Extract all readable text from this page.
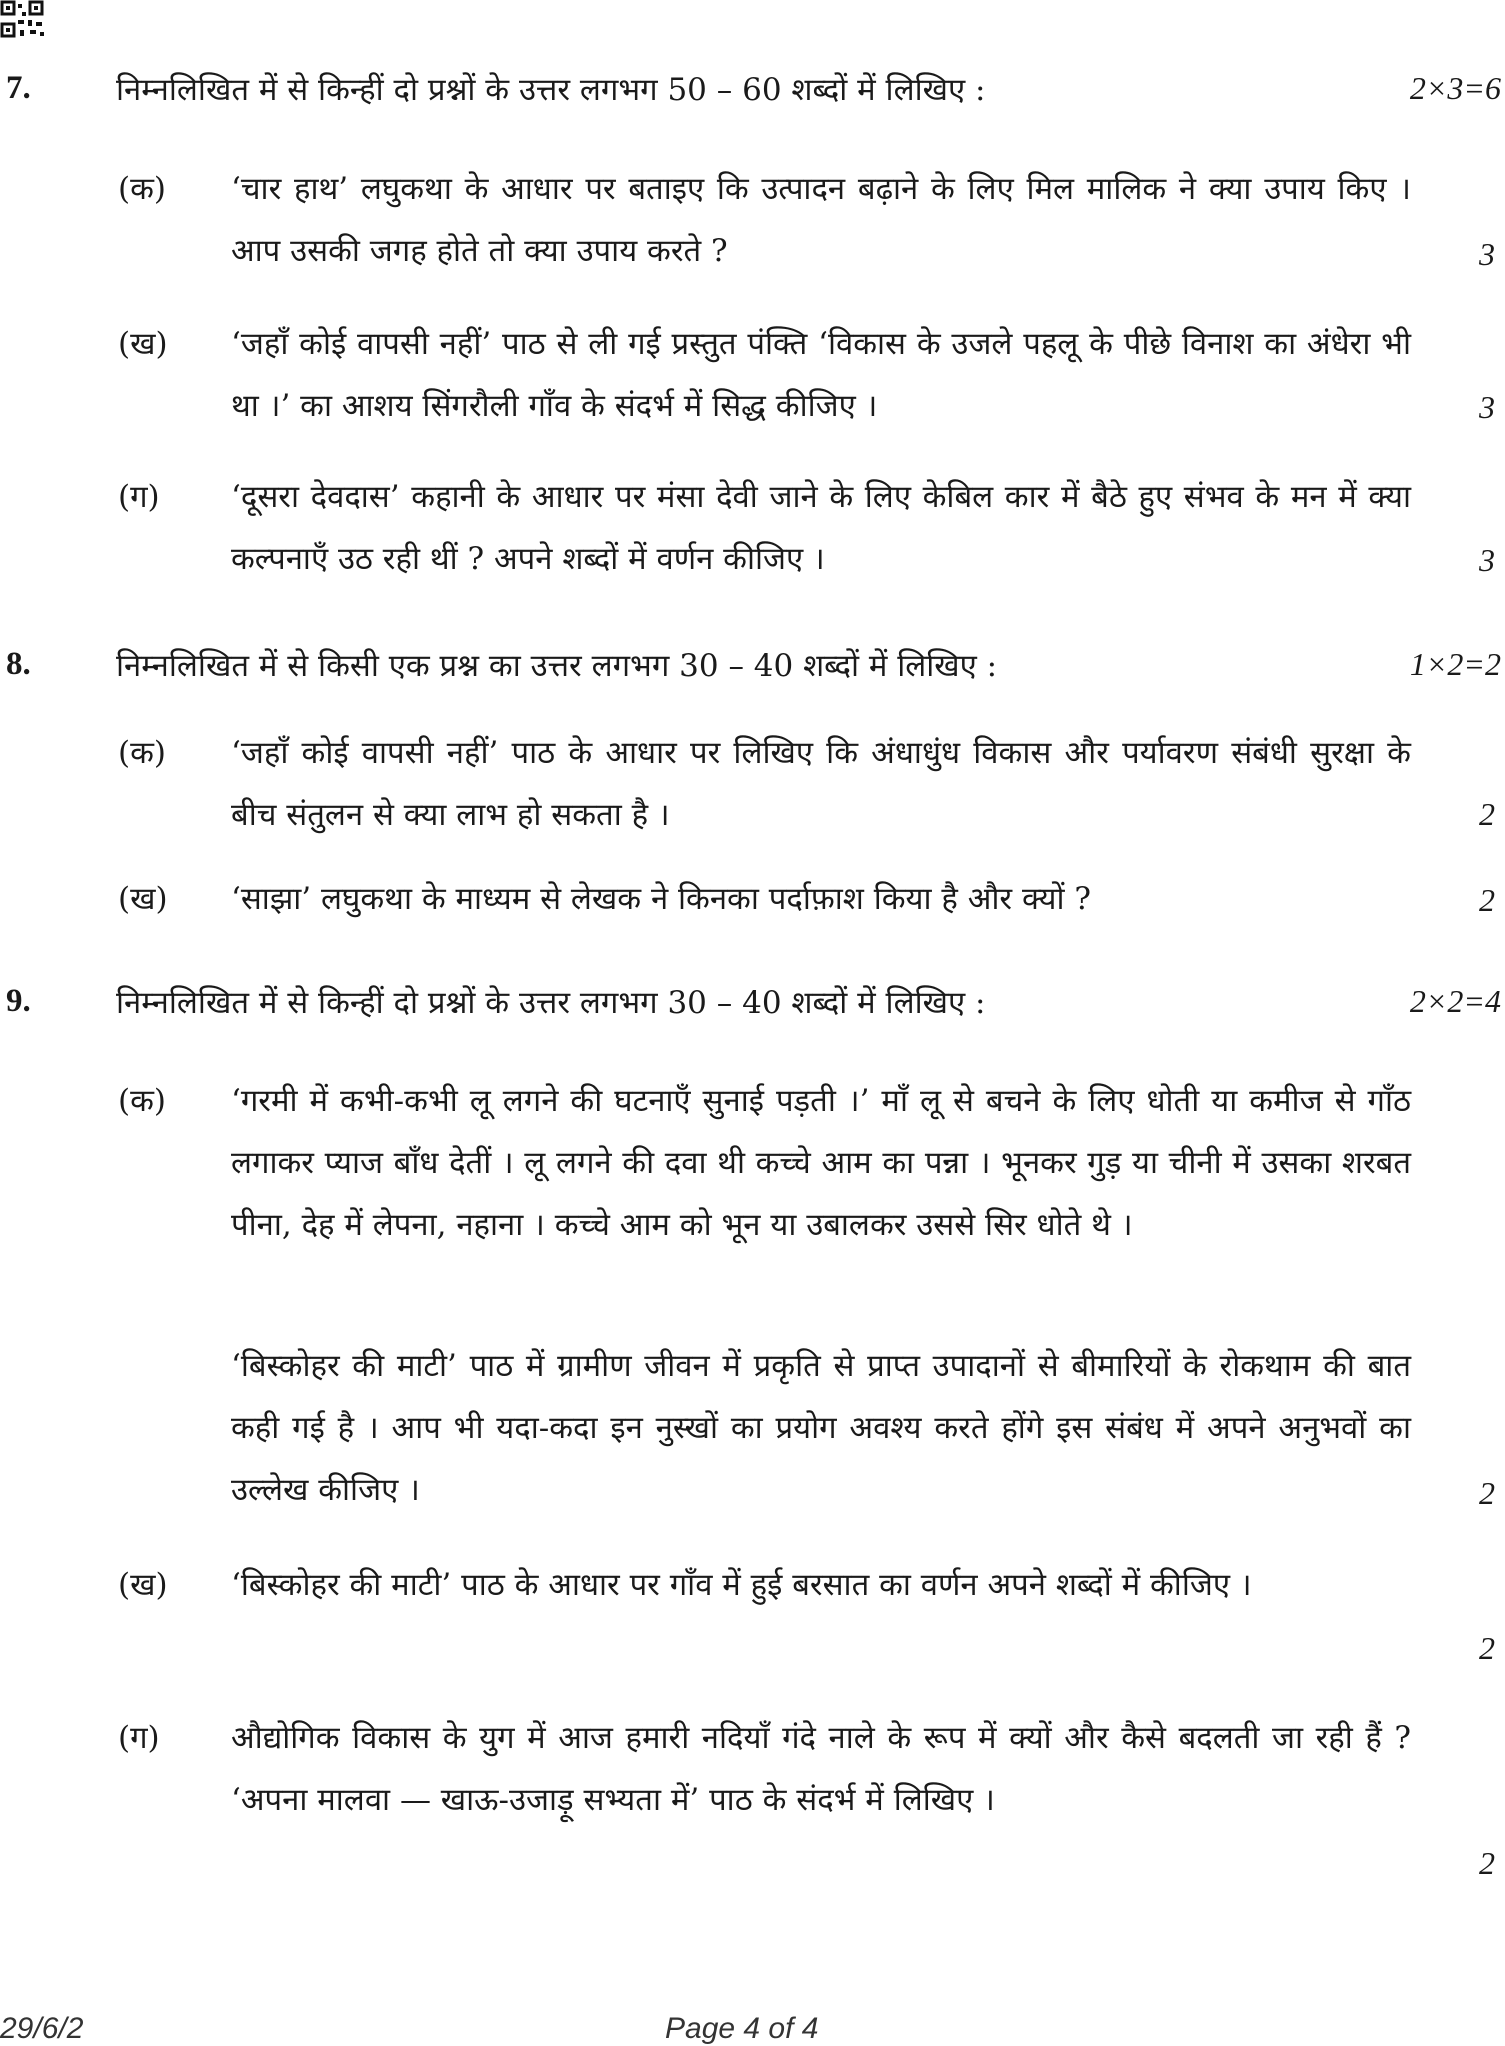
7.	निम्नलिखित में से किन्हीं दो प्रश्नों के उत्तर लगभग 50 – 60 शब्दों में लिखिए :	2×3=6
(क) ‘चार हाथ’ लघुकथा के आधार पर बताइए कि उत्पादन बढ़ाने के लिए मिल मालिक ने क्या उपाय किए । आप उसकी जगह होते तो क्या उपाय करते ?	3
(ख) ‘जहाँ कोई वापसी नहीं’ पाठ से ली गई प्रस्तुत पंक्ति ‘विकास के उजले पहलू के पीछे विनाश का अंधेरा भी था ।’ का आशय सिंगरौली गाँव के संदर्भ में सिद्ध कीजिए ।	3
(ग) ‘दूसरा देवदास’ कहानी के आधार पर मंसा देवी जाने के लिए केबिल कार में बैठे हुए संभव के मन में क्या कल्पनाएँ उठ रही थीं ? अपने शब्दों में वर्णन कीजिए ।	3
8.	निम्नलिखित में से किसी एक प्रश्न का उत्तर लगभग 30 – 40 शब्दों में लिखिए :	1×2=2
(क) ‘जहाँ कोई वापसी नहीं’ पाठ के आधार पर लिखिए कि अंधाधुंध विकास और पर्यावरण संबंधी सुरक्षा के बीच संतुलन से क्या लाभ हो सकता है ।	2
(ख) ‘साझा’ लघुकथा के माध्यम से लेखक ने किनका पर्दाफ़ाश किया है और क्यों ?	2
9.	निम्नलिखित में से किन्हीं दो प्रश्नों के उत्तर लगभग 30 – 40 शब्दों में लिखिए :	2×2=4
(क) ‘गरमी में कभी-कभी लू लगने की घटनाएँ सुनाई पड़ती ।’ माँ लू से बचने के लिए धोती या कमीज से गाँठ लगाकर प्याज बाँध देतीं । लू लगने की दवा थी कच्चे आम का पन्ना । भूनकर गुड़ या चीनी में उसका शरबत पीना, देह में लेपना, नहाना । कच्चे आम को भून या उबालकर उससे सिर धोते थे ।
‘बिस्कोहर की माटी’ पाठ में ग्रामीण जीवन में प्रकृति से प्राप्त उपादानों से बीमारियों के रोकथाम की बात कही गई है । आप भी यदा-कदा इन नुस्खों का प्रयोग अवश्य करते होंगे इस संबंध में अपने अनुभवों का उल्लेख कीजिए ।	2
(ख) ‘बिस्कोहर की माटी’ पाठ के आधार पर गाँव में हुई बरसात का वर्णन अपने शब्दों में कीजिए ।
2
(ग) औद्योगिक विकास के युग में आज हमारी नदियाँ गंदे नाले के रूप में क्यों और कैसे बदलती जा रही हैं ? ‘अपना मालवा — खाऊ-उजाड़ू सभ्यता में’ पाठ के संदर्भ में लिखिए ।
2
29/6/2	Page 4 of 4
